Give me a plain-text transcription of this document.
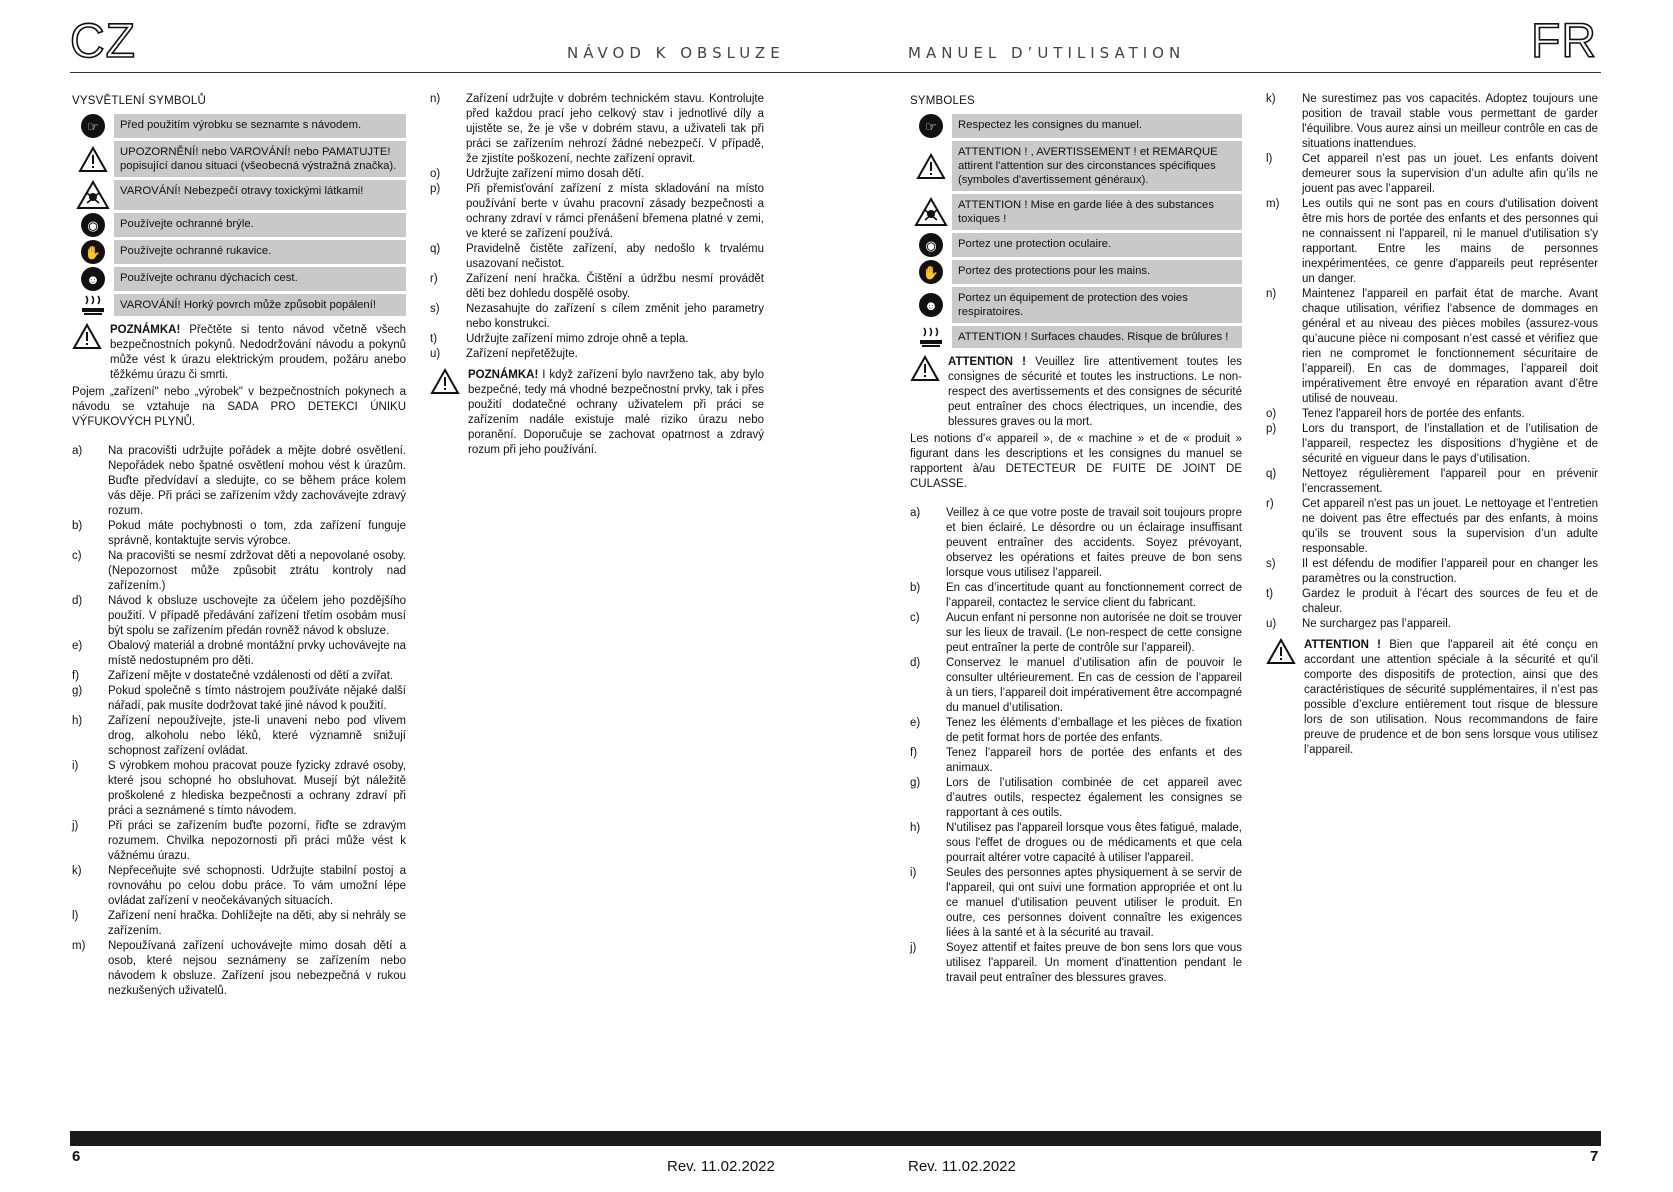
CZ	NÁVOD K OBSLUZE
VYSVĚTLENÍ SYMBOLŮ
☞	Před použitím výrobku se seznamte s návodem.
UPOZORNĚNÍ! nebo VAROVÁNÍ! nebo PAMATUJTE! popisující danou situaci (všeobecná výstražná značka).
VAROVÁNÍ! Nebezpečí otravy toxickými látkami!
◉	Používejte ochranné brýle.
✋	Používejte ochranné rukavice.
☻	Používejte ochranu dýchacích cest.
VAROVÁNÍ! Horký povrch může způsobit popálení!
POZNÁMKA! Přečtěte si tento návod včetně všech bezpečnostních pokynů. Nedodržování návodu a pokynů může vést k úrazu elektrickým proudem, požáru anebo těžkému úrazu či smrti.

Pojem „zařízení" nebo „výrobek" v bezpečnostních pokynech a návodu se vztahuje na SADA PRO DETEKCI ÚNIKU VÝFUKOVÝCH PLYNŮ.

a)	Na pracovišti udržujte pořádek a mějte dobré osvětlení. Nepořádek nebo špatné osvětlení mohou vést k úrazům. Buďte předvídaví a sledujte, co se během práce kolem vás děje. Při práci se zařízením vždy zachovávejte zdravý rozum.
b)	Pokud máte pochybnosti o tom, zda zařízení funguje správně, kontaktujte servis výrobce.
c)	Na pracovišti se nesmí zdržovat děti a nepovolané osoby. (Nepozornost může způsobit ztrátu kontroly nad zařízením.)
d)	Návod k obsluze uschovejte za účelem jeho pozdějšího použití. V případě předávání zařízení třetím osobám musí být spolu se zařízením předán rovněž návod k obsluze.
e)	Obalový materiál a drobné montážní prvky uchovávejte na místě nedostupném pro děti.
f)	Zařízení mějte v dostatečné vzdálenosti od dětí a zvířat.
g)	Pokud společně s tímto nástrojem používáte nějaké další nářadí, pak musíte dodržovat také jiné návod k použití.
h)	Zařízení nepoužívejte, jste-li unaveni nebo pod vlivem drog, alkoholu nebo léků, které významně snižují schopnost zařízení ovládat.
i)	S výrobkem mohou pracovat pouze fyzicky zdravé osoby, které jsou schopné ho obsluhovat. Musejí být náležitě proškolené z hlediska bezpečnosti a ochrany zdraví při práci a seznámené s tímto návodem.
j)	Při práci se zařízením buďte pozorní, řiďte se zdravým rozumem. Chvilka nepozornosti při práci může vést k vážnému úrazu.
k)	Nepřeceňujte své schopnosti. Udržujte stabilní postoj a rovnováhu po celou dobu práce. To vám umožní lépe ovládat zařízení v neočekávaných situacích.
l)	Zařízení není hračka. Dohlížejte na děti, aby si nehrály se zařízením.
m)	Nepoužívaná zařízení uchovávejte mimo dosah dětí a osob, které nejsou seznámeny se zařízením nebo návodem k obsluze. Zařízení jsou nebezpečná v rukou nezkušených uživatelů.
n)	Zařízení udržujte v dobrém technickém stavu. Kontrolujte před každou prací jeho celkový stav i jednotlivé díly a ujistěte se, že je vše v dobrém stavu, a uživateli tak při práci se zařízením nehrozí žádné nebezpečí. V případě, že zjistíte poškození, nechte zařízení opravit.
o)	Udržujte zařízení mimo dosah dětí.
p)	Při přemisťování zařízení z místa skladování na místo používání berte v úvahu pracovní zásady bezpečnosti a ochrany zdraví v rámci přenášení břemena platné v zemi, ve které se zařízení používá.
q)	Pravidelně čistěte zařízení, aby nedošlo k trvalému usazovaní nečistot.
r)	Zařízení není hračka. Čištění a údržbu nesmí provádět děti bez dohledu dospělé osoby.
s)	Nezasahujte do zařízení s cílem změnit jeho parametry nebo konstrukci.
t)	Udržujte zařízení mimo zdroje ohně a tepla.
u)	Zařízení nepřetěžujte.
POZNÁMKA! I když zařízení bylo navrženo tak, aby bylo bezpečné, tedy má vhodné bezpečnostní prvky, tak i přes použití dodatečné ochrany uživatelem při práci se zařízením nadále existuje malé riziko úrazu nebo poranění. Doporučuje se zachovat opatrnost a zdravý rozum při jeho používání.
6
Rev. 11.02.2022
FR
MANUEL D’UTILISATION
SYMBOLES
☞	Respectez les consignes du manuel.
ATTENTION ! , AVERTISSEMENT ! et REMARQUE attirent l'attention sur des circonstances spécifiques (symboles d'avertissement généraux).
ATTENTION ! Mise en garde liée à des substances toxiques !
◉	Portez une protection oculaire.
✋	Portez des protections pour les mains.
☻	Portez un équipement de protection des voies respiratoires.
ATTENTION ! Surfaces chaudes. Risque de brûlures !
ATTENTION ! Veuillez lire attentivement toutes les consignes de sécurité et toutes les instructions. Le non-respect des avertissements et des consignes de sécurité peut entraîner des chocs électriques, un incendie, des blessures graves ou la mort.

Les notions d'« appareil », de « machine » et de « produit » figurant dans les descriptions et les consignes du manuel se rapportent à/au DETECTEUR DE FUITE DE JOINT DE CULASSE.

a)	Veillez à ce que votre poste de travail soit toujours propre et bien éclairé. Le désordre ou un éclairage insuffisant peuvent entraîner des accidents. Soyez prévoyant, observez les opérations et faites preuve de bon sens lorsque vous utilisez l’appareil.
b)	En cas d’incertitude quant au fonctionnement correct de l’appareil, contactez le service client du fabricant.
c)	Aucun enfant ni personne non autorisée ne doit se trouver sur les lieux de travail. (Le non-respect de cette consigne peut entraîner la perte de contrôle sur l’appareil).
d)	Conservez le manuel d’utilisation afin de pouvoir le consulter ultérieurement. En cas de cession de l’appareil à un tiers, l’appareil doit impérativement être accompagné du manuel d’utilisation.
e)	Tenez les éléments d’emballage et les pièces de fixation de petit format hors de portée des enfants.
f)	Tenez l’appareil hors de portée des enfants et des animaux.
g)	Lors de l’utilisation combinée de cet appareil avec d’autres outils, respectez également les consignes se rapportant à ces outils.
h)	N'utilisez pas l'appareil lorsque vous êtes fatigué, malade, sous l'effet de drogues ou de médicaments et que cela pourrait altérer votre capacité à utiliser l'appareil.
i)	Seules des personnes aptes physiquement à se servir de l'appareil, qui ont suivi une formation appropriée et ont lu ce manuel d'utilisation peuvent utiliser le produit. En outre, ces personnes doivent connaître les exigences liées à la santé et à la sécurité au travail.
j)	Soyez attentif et faites preuve de bon sens lors que vous utilisez l'appareil. Un moment d'inattention pendant le travail peut entraîner des blessures graves.
k)	Ne surestimez pas vos capacités. Adoptez toujours une position de travail stable vous permettant de garder l'équilibre. Vous aurez ainsi un meilleur contrôle en cas de situations inattendues.
l)	Cet appareil n’est pas un jouet. Les enfants doivent demeurer sous la supervision d’un adulte afin qu’ils ne jouent pas avec l’appareil.
m)	Les outils qui ne sont pas en cours d'utilisation doivent être mis hors de portée des enfants et des personnes qui ne connaissent ni l'appareil, ni le manuel d'utilisation s'y rapportant. Entre les mains de personnes inexpérimentées, ce genre d'appareils peut représenter un danger.
n)	Maintenez l'appareil en parfait état de marche. Avant chaque utilisation, vérifiez l’absence de dommages en général et au niveau des pièces mobiles (assurez-vous qu’aucune pièce ni composant n’est cassé et vérifiez que rien ne compromet le fonctionnement sécuritaire de l’appareil). En cas de dommages, l’appareil doit impérativement être envoyé en réparation avant d’être utilisé de nouveau.
o)	Tenez l'appareil hors de portée des enfants.
p)	Lors du transport, de l’installation et de l’utilisation de l’appareil, respectez les dispositions d’hygiène et de sécurité en vigueur dans le pays d’utilisation.
q)	Nettoyez régulièrement l'appareil pour en prévenir l’encrassement.
r)	Cet appareil n'est pas un jouet. Le nettoyage et l’entretien ne doivent pas être effectués par des enfants, à moins qu’ils se trouvent sous la supervision d’un adulte responsable.
s)	Il est défendu de modifier l’appareil pour en changer les paramètres ou la construction.
t)	Gardez le produit à l'écart des sources de feu et de chaleur.
u)	Ne surchargez pas l’appareil.
ATTENTION ! Bien que l'appareil ait été conçu en accordant une attention spéciale à la sécurité et qu'il comporte des dispositifs de protection, ainsi que des caractéristiques de sécurité supplémentaires, il n’est pas possible d’exclure entièrement tout risque de blessure lors de son utilisation. Nous recommandons de faire preuve de prudence et de bon sens lorsque vous utilisez l’appareil.
7
Rev. 11.02.2022
